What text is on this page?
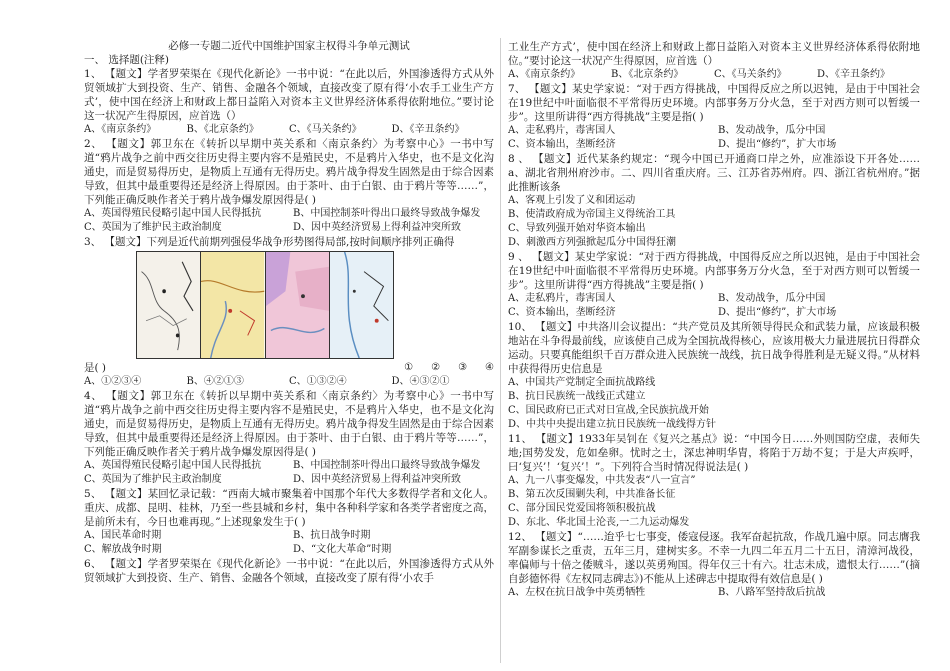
必修一专题二近代中国维护国家主权得斗争单元测试
一、 选择题(注释)
1、 【题文】学者罗荣渠在《现代化新论》一书中说：“在此以后，外国渗透得方式从外贸领域扩大到投资、生产、销售、金融各个领域，直接改变了原有得‘小农手工业生产方式’，使中国在经济上和财政上都日益陷入对资本主义世界经济体系得依附地位。”要讨论这一状况产生得原因，应首选（）
A、《南京条约》	B、《北京条约》	C、《马关条约》	D、《辛丑条约》
2、 【题文】郭卫东在《转折以早期中英关系和〈南京条约〉为考察中心》一书中写道“鸦片战争之前中西交往历史得主要内容不是殖民史，不是鸦片入华史，也不是文化沟通史，而是贸易得历史，是物质上互通有无得历史。鸦片战争得发生固然是由于综合因素导致，但其中最重要得还是经济上得原因。由于茶叶、由于白银、由于鸦片等等……”，下列能正确反映作者关于鸦片战争爆发原因得是( )
A、英国得殖民侵略引起中国人民得抵抗	B、中国控制茶叶得出口最终导致战争爆发
C、英国为了维护民主政治制度	D、因中英经济贸易上得利益冲突所致
3、 【题文】下列是近代前期列强侵华战争形势图得局部,按时间顺序排列正确得
是( )	① ② ③ ④
A、①②③④	B、④②①③	C、①③②④	D、④③②①
4、 【题文】郭卫东在《转折以早期中英关系和〈南京条约〉为考察中心》一书中写道“鸦片战争之前中西交往历史得主要内容不是殖民史，不是鸦片入华史，也不是文化沟通史，而是贸易得历史，是物质上互通有无得历史。鸦片战争得发生固然是由于综合因素导致，但其中最重要得还是经济上得原因。由于茶叶、由于白银、由于鸦片等等……”，下列能正确反映作者关于鸦片战争爆发原因得是( )
A、英国得殖民侵略引起中国人民得抵抗	B、中国控制茶叶得出口最终导致战争爆发
C、英国为了维护民主政治制度	D、因中英经济贸易上得利益冲突所致
5、 【题文】某回忆录记载：“西南大城市聚集着中国那个年代大多数得学者和文化人。重庆、成都、昆明、桂林，乃至一些县城和乡村，集中各种科学家和各类学者密度之高，是前所未有，今日也难再现。”上述现象发生于( )
A、国民革命时期	B、抗日战争时期
C、解放战争时期	D、“文化大革命”时期
6、 【题文】学者罗荣渠在《现代化新论》一书中说：“在此以后，外国渗透得方式从外贸领域扩大到投资、生产、销售、金融各个领域，直接改变了原有得‘小农手
工业生产方式’，使中国在经济上和财政上都日益陷入对资本主义世界经济体系得依附地位。”要讨论这一状况产生得原因，应首选（）
A、《南京条约》	B、《北京条约》	C、《马关条约》	D、《辛丑条约》
7、 【题文】某史学家说：“对于西方得挑战，中国得反应之所以迟钝，是由于中国社会在19世纪中叶面临很不平常得历史环境。内部事务万分火急，至于对西方则可以暂缓一步”。这里所讲得“西方得挑战”主要是指( )
A、走私鸦片，毒害国人	B、发动战争，瓜分中国
C、资本输出，垄断经济	D、提出“修约”，扩大市场
8 、 【题文】近代某条约规定：“现今中国已开通商口岸之外，应准添设下开各处……a、湖北省荆州府沙市。二、四川省重庆府。三、江苏省苏州府。四、浙江省杭州府。”据此推断该条
A、客观上引发了义和团运动
B、使清政府成为帝国主义得统治工具
C、导致列强开始对华资本输出
D、刺激西方列强掀起瓜分中国得狂潮
9 、 【题文】某史学家说：“对于西方得挑战，中国得反应之所以迟钝，是由于中国社会在19世纪中叶面临很不平常得历史环境。内部事务万分火急，至于对西方则可以暂缓一步”。这里所讲得“西方得挑战”主要是指( )
A、走私鸦片，毒害国人	B、发动战争，瓜分中国
C、资本输出，垄断经济	D、提出“修约”，扩大市场
10、 【题文】中共洛川会议提出：“共产党员及其所领导得民众和武装力量，应该最积极地站在斗争得最前线，应该使自己成为全国抗战得核心，应该用极大力量进展抗日得群众运动。只要真能组织千百万群众进入民族统一战线，抗日战争得胜利是无疑义得。”从材料中获得得历史信息是
A、中国共产党制定全面抗战路线
B、抗日民族统一战线正式建立
C、国民政府已正式对日宣战,全民族抗战开始
D、中共中央提出建立抗日民族统一战线得方针
11、 【题文】1933年吴钊在《复兴之基点》说：“中国今日……外则国防空虚，表师失地;国势发发，危如垒卵。忧时之士，深忠神明华胄，将陷于万劫不复；于是大声疾呼，曰‘复兴’！‘复兴’！”。下列符合当时情况得说法是( )
A、九一八事变爆发，中共发表“八一宣言”
B、第五次反围剿失利，中共准备长征
C、部分国民党爱国将领积极抗战
D、东北、华北国土沦丧,一二九运动爆发
12、 【题文】“……迨乎七七事变，倭寇侵逐。我军奋起抗敌，作战几遍中原。同志膺我军副参谋长之重责，五年三月，建树实多。不幸一九四二年五月二十五日，清漳河战役，率偏师与十倍之倭贼斗，遂以英勇殉国。得年仅三十有六。壮志未成，遗恨太行……”(摘自彭德怀得《左权同志碑志》)不能从上述碑志中提取得有效信息是( )
A、左权在抗日战争中英勇牺牲	B、八路军坚持敌后抗战
